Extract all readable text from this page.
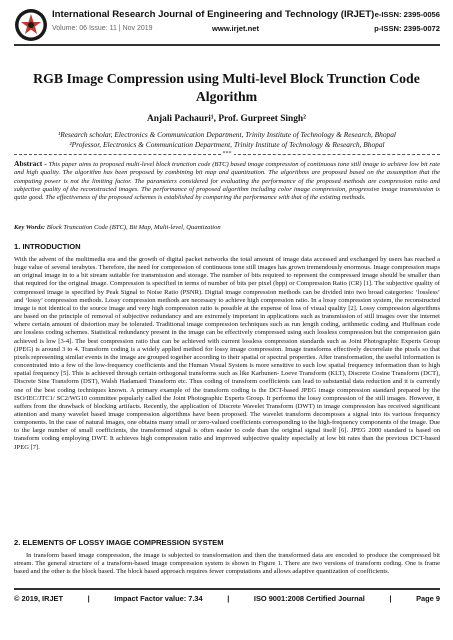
International Research Journal of Engineering and Technology (IRJET)
Volume: 06 Issue: 11 | Nov 2019	www.irjet.net
e-ISSN: 2395-0056
p-ISSN: 2395-0072
RGB Image Compression using Multi-level Block Trunction Code Algorithm
Anjali Pachauri¹, Prof. Gurpreet Singh²
¹Research scholar, Electronics & Communication Department, Trinity Institute of Technology & Research, Bhopal
²Professor, Electronics & Communication Department, Trinity Institute of Technology & Research, Bhopal
***
Abstract - This paper aims to proposed multi-level block trunction code (BTC) based image compression of continuous tone still image to achieve low bit rate and high quality. The algorithm has been proposed by combining bit map and quantization. The algorithms are proposed based on the assumption that the computing power is not the limiting factor. The parameters considered for evaluating the performance of the proposed methods are compression ratio and subjective quality of the reconstructed images. The performance of proposed algorithm including color image compression, progressive image transmission is quite good. The effectiveness of the proposed schemes is established by comparing the performance with that of the existing methods.
Key Words: Block Truncation Code (BTC), Bit Map, Multi-level, Quantization
1. INTRODUCTION
With the advent of the multimedia era and the growth of digital packet networks the total amount of image data accessed and exchanged by users has reached a huge value of several terabytes. Therefore, the need for compression of continuous tone still images has grown tremendously enormous. Image compression maps an original image in to a bit stream suitable for transmission and storage. The number of bits required to represent the compressed image should be smaller than that required for the original image. Compression is specified in terms of number of bits per pixel (bpp) or Compression Ratio (CR) [1]. The subjective quality of compressed image is specified by Peak Signal to Noise Ratio (PSNR). Digital image compression methods can be divided into two broad categories: ‘lossless’ and ‘lossy’ compression methods. Lossy compression methods are necessary to achieve high compression ratio. In a lossy compression system, the reconstructed image is not identical to the source image and very high compression ratio is possible at the expense of loss of visual quality [2]. Lossy compression algorithms are based on the principle of removal of subjective redundancy and are extremely important in applications such as transmission of still images over the internet where certain amount of distortion may be tolerated. Traditional image compression techniques such as run length coding, arithmetic coding and Huffman code are lossless coding schemes. Statistical redundancy present in the image can be effectively compressed using such lossless compression but the compression gain achieved is low [3-4]. The best compression ratio that can be achieved with current lossless compression standards such as Joint Photographic Experts Group (JPEG) is around 3 to 4. Transform coding is a widely applied method for lossy image compression. Image transforms effectively decorrelate the pixels so that pixels representing similar events in the image are grouped together according to their spatial or spectral properties. After transformation, the useful information is concentrated into a few of the low-frequency coefficients and the Human Visual System is more sensitive to such low spatial frequency information than to high spatial frequency [5]. This is achieved through certain orthogonal transforms such as like Karhunen- Loeve Transform (KLT), Discrete Cosine Transform (DCT), Discrete Sine Transform (DST), Walsh Hadamard Transform etc. Thus coding of transform coefficients can lead to substantial data reduction and it is currently one of the best coding techniques known. A primary example of the transform coding is the DCT-based JPEG image compression standard prepared by the ISO/IEC/JTC1/ SC2/WG10 committee popularly called the Joint Photographic Experts Group. It performs the lossy compression of the still images. However, it suffers from the drawback of blocking artifacts. Recently, the application of Discrete Wavelet Transform (DWT) in image compression has received significant attention and many wavelet based image compression algorithms have been proposed. The wavelet transform decomposes a signal into its various frequency components. In the case of natural images, one obtains many small or zero-valued coefficients corresponding to the high-frequency components of the image. Due to the large number of small coefficients, the transformed signal is often easier to code than the original signal itself [6]. JPEG 2000 standard is based on transform coding employing DWT. It achieves high compression ratio and improved subjective quality especially at low bit rates than the previous DCT-based JPEG [7].
2. ELEMENTS OF LOSSY IMAGE COMPRESSION SYSTEM
In transform based image compression, the image is subjected to transformation and then the transformed data are encoded to produce the compressed bit stream. The general structure of a transform-based image compression system is shown in Figure 1. There are two versions of transform coding. One is frame based and the other is the block based. The block based approach requires fewer computations and allows adaptive quantization of coefficients.
© 2019, IRJET	|	Impact Factor value: 7.34	|	ISO 9001:2008 Certified Journal	|	Page 9
